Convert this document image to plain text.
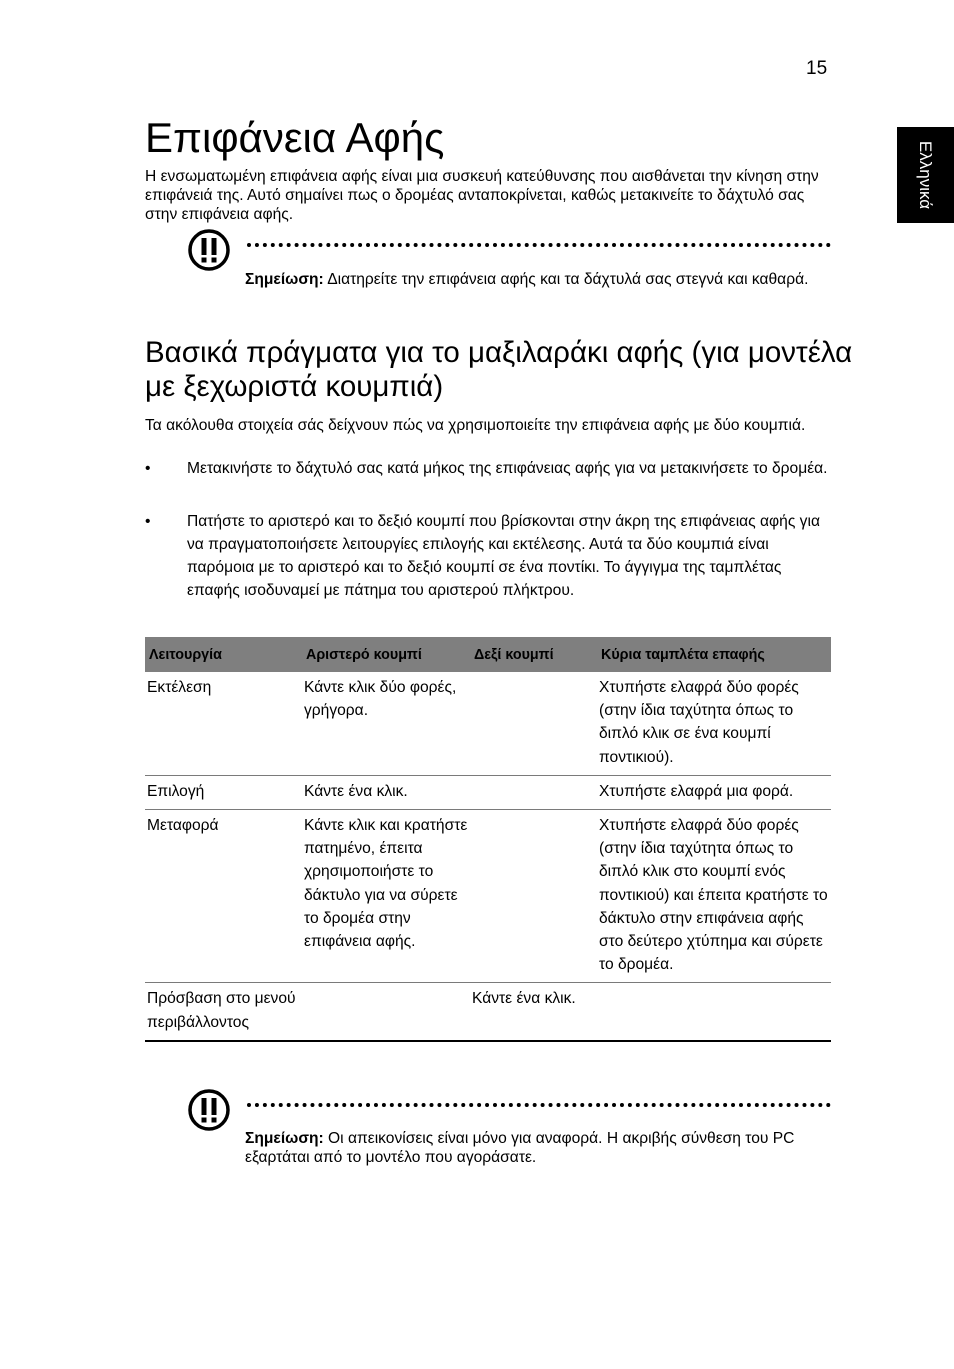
15
Ελληνικά
Επιφάνεια Αφής
Η ενσωματωμένη επιφάνεια αφής είναι μια συσκευή κατεύθυνσης που αισθάνεται την κίνηση στην επιφάνειά της. Αυτό σημαίνει πως ο δρομέας ανταποκρίνεται, καθώς μετακινείτε το δάχτυλό σας στην επιφάνεια αφής.
Σημείωση: Διατηρείτε την επιφάνεια αφής και τα δάχτυλά σας στεγνά και καθαρά.
Βασικά πράγματα για το μαξιλαράκι αφής (για μοντέλα με ξεχωριστά κουμπιά)
Τα ακόλουθα στοιχεία σάς δείχνουν πώς να χρησιμοποιείτε την επιφάνεια αφής με δύο κουμπιά.
•	Μετακινήστε το δάχτυλό σας κατά μήκος της επιφάνειας αφής για να μετακινήσετε το δρομέα.
•	Πατήστε το αριστερό και το δεξιό κουμπί που βρίσκονται στην άκρη της επιφάνειας αφής για να πραγματοποιήσετε λειτουργίες επιλογής και εκτέλεσης. Αυτά τα δύο κουμπιά είναι παρόμοια με το αριστερό και το δεξιό κουμπί σε ένα ποντίκι. Το άγγιγμα της ταμπλέτας επαφής ισοδυναμεί με πάτημα του αριστερού πλήκτρου.
Λειτουργία	Αριστερό κουμπί	Δεξί κουμπί	Κύρια ταμπλέτα επαφής
Εκτέλεση	Κάντε κλικ δύο φορές, γρήγορα.		Χτυπήστε ελαφρά δύο φορές (στην ίδια ταχύτητα όπως το διπλό κλικ σε ένα κουμπί ποντικιού).
Επιλογή	Κάντε ένα κλικ.		Χτυπήστε ελαφρά μια φορά.
Μεταφορά	Κάντε κλικ και κρατήστε πατημένο, έπειτα χρησιμοποιήστε το δάκτυλο για να σύρετε το δρομέα στην επιφάνεια αφής.		Χτυπήστε ελαφρά δύο φορές (στην ίδια ταχύτητα όπως το διπλό κλικ στο κουμπί ενός ποντικιού) και έπειτα κρατήστε το δάκτυλο στην επιφάνεια αφής στο δεύτερο χτύπημα και σύρετε το δρομέα.
Πρόσβαση στο μενού περιβάλλοντος		Κάντε ένα κλικ.	
Σημείωση: Οι απεικονίσεις είναι μόνο για αναφορά. Η ακριβής σύνθεση του PC εξαρτάται από το μοντέλο που αγοράσατε.
